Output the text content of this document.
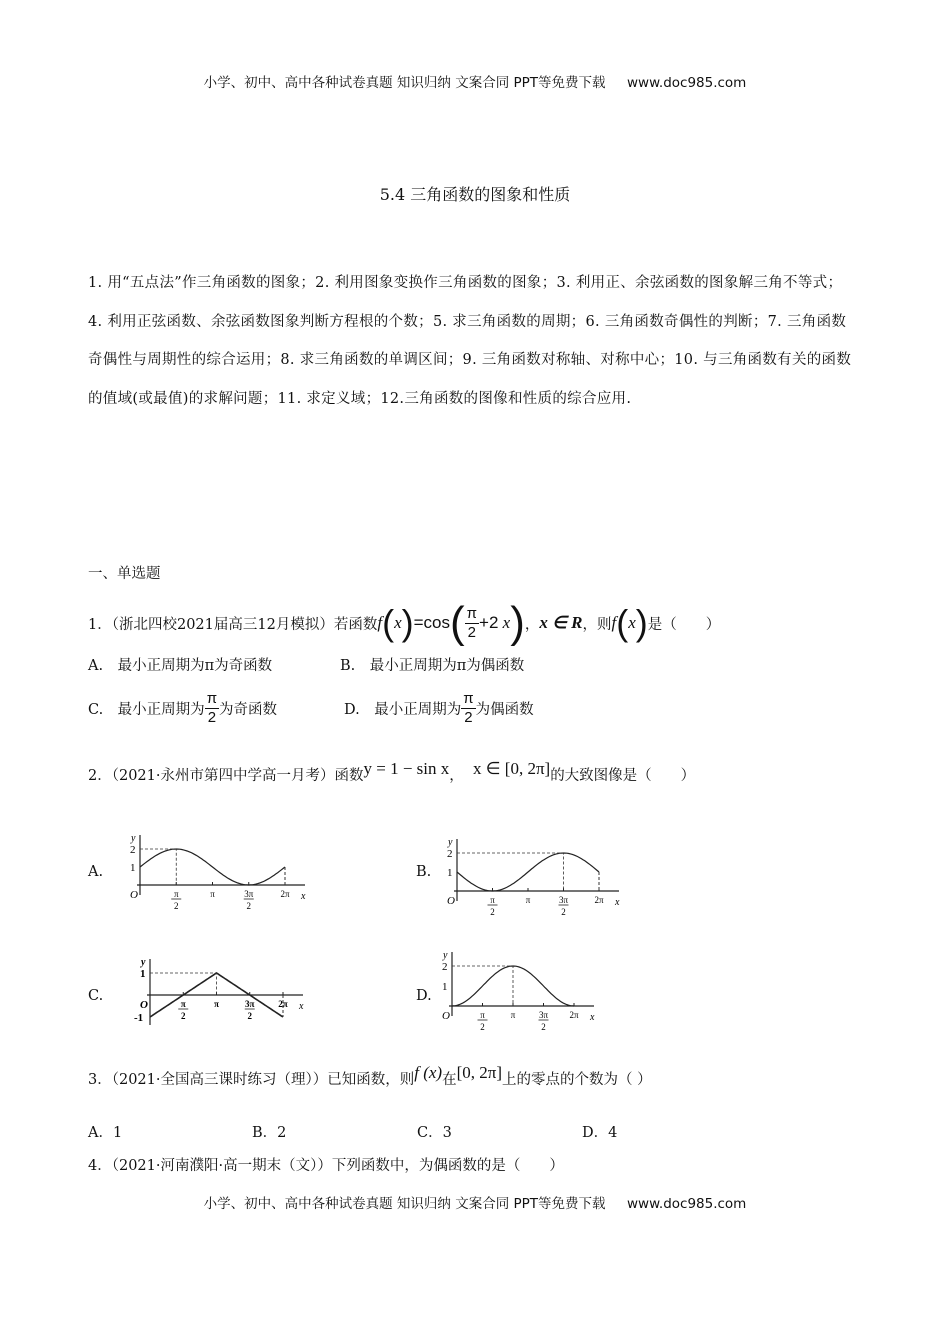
小学、初中、高中各种试卷真题 知识归纳 文案合同 PPT等免费下载 www.doc985.com
5.4 三角函数的图象和性质
1. 用“五点法”作三角函数的图象；2. 利用图象变换作三角函数的图象；3. 利用正、余弦函数的图象解三角不等式；4. 利用正弦函数、余弦函数图象判断方程根的个数；5. 求三角函数的周期；6. 三角函数奇偶性的判断；7. 三角函数奇偶性与周期性的综合运用；8. 求三角函数的单调区间；9. 三角函数对称轴、对称中心；10. 与三角函数有关的函数的值域(或最值)的求解问题；11. 求定义域；12.三角函数的图像和性质的综合应用.
一、单选题
1．（浙北四校2021届高三12月模拟）若函数 f ( x ) =cos ( $\frac{\pi}{2} +2$ x ) ， x ∈ R ，则 f ( x ) 是（　　）
A.　最小正周期为π为奇函数	B.　最小正周期为π为偶函数
C.　最小正周期为 $\frac{\pi}{2}$ 为奇函数	D.　最小正周期为 $\frac{\pi}{2}$ 为偶函数
2．（2021·永州市第四中学高一月考）函数y = 1 − sin x， x ∈ [0, 2π]的大致图像是（　　）
A.	B.
C.	D.
y
x
O
1
2
π
2
π	3π
2
2π
y
x
O
1
2
π
2
π	3π
2
2π
y
x
O
1
-1
π
2
π	3π
2
2π
y
x
O
1
2
π
2
π	3π
2
2π
3．（2021·全国高三课时练习（理））已知函数，则f (x)在[0, 2π]上的零点的个数为（ ）
A．1	B．2	C．3	D．4
4．（2021·河南濮阳·高一期末（文））下列函数中，为偶函数的是（　　）
小学、初中、高中各种试卷真题 知识归纳 文案合同 PPT等免费下载 www.doc985.com
